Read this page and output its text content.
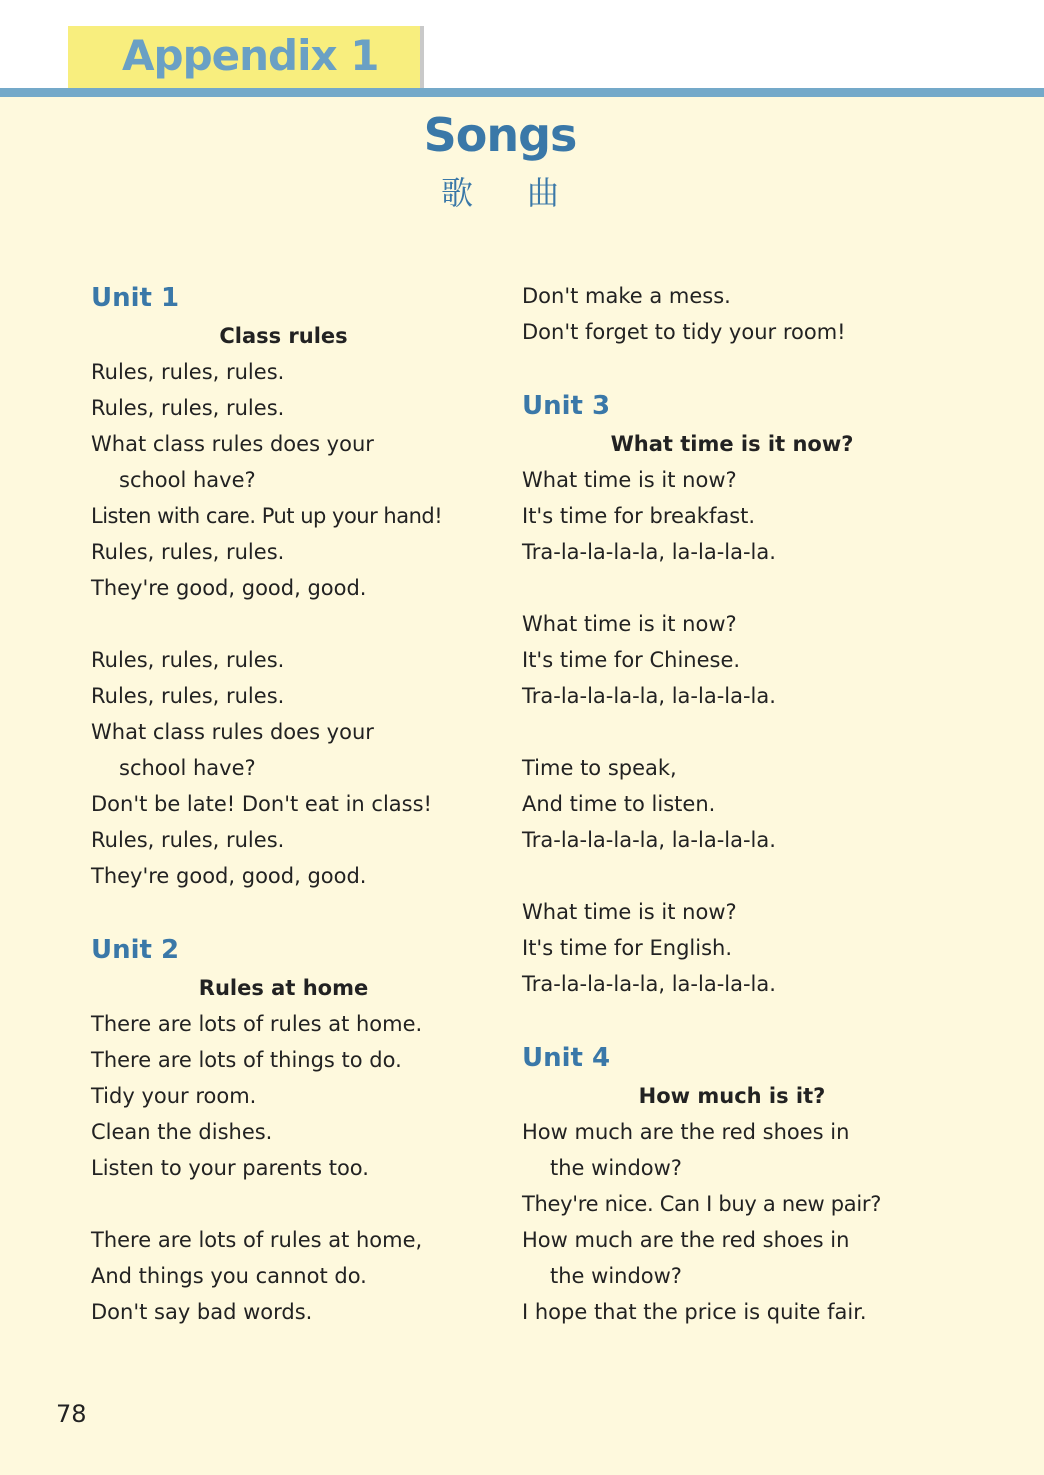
Appendix 1
Songs
歌曲
Unit 1
Class rules
Rules, rules, rules.
Rules, rules, rules.
What class rules does your
school have?
Listen with care. Put up your hand!
Rules, rules, rules.
They're good, good, good.
Rules, rules, rules.
Rules, rules, rules.
What class rules does your
school have?
Don't be late! Don't eat in class!
Rules, rules, rules.
They're good, good, good.
Unit 2
Rules at home
There are lots of rules at home.
There are lots of things to do.
Tidy your room.
Clean the dishes.
Listen to your parents too.
There are lots of rules at home,
And things you cannot do.
Don't say bad words.
Don't make a mess.
Don't forget to tidy your room!
Unit 3
What time is it now?
What time is it now?
It's time for breakfast.
Tra-la-la-la-la, la-la-la-la.
What time is it now?
It's time for Chinese.
Tra-la-la-la-la, la-la-la-la.
Time to speak,
And time to listen.
Tra-la-la-la-la, la-la-la-la.
What time is it now?
It's time for English.
Tra-la-la-la-la, la-la-la-la.
Unit 4
How much is it?
How much are the red shoes in
the window?
They're nice. Can I buy a new pair?
How much are the red shoes in
the window?
I hope that the price is quite fair.
78
